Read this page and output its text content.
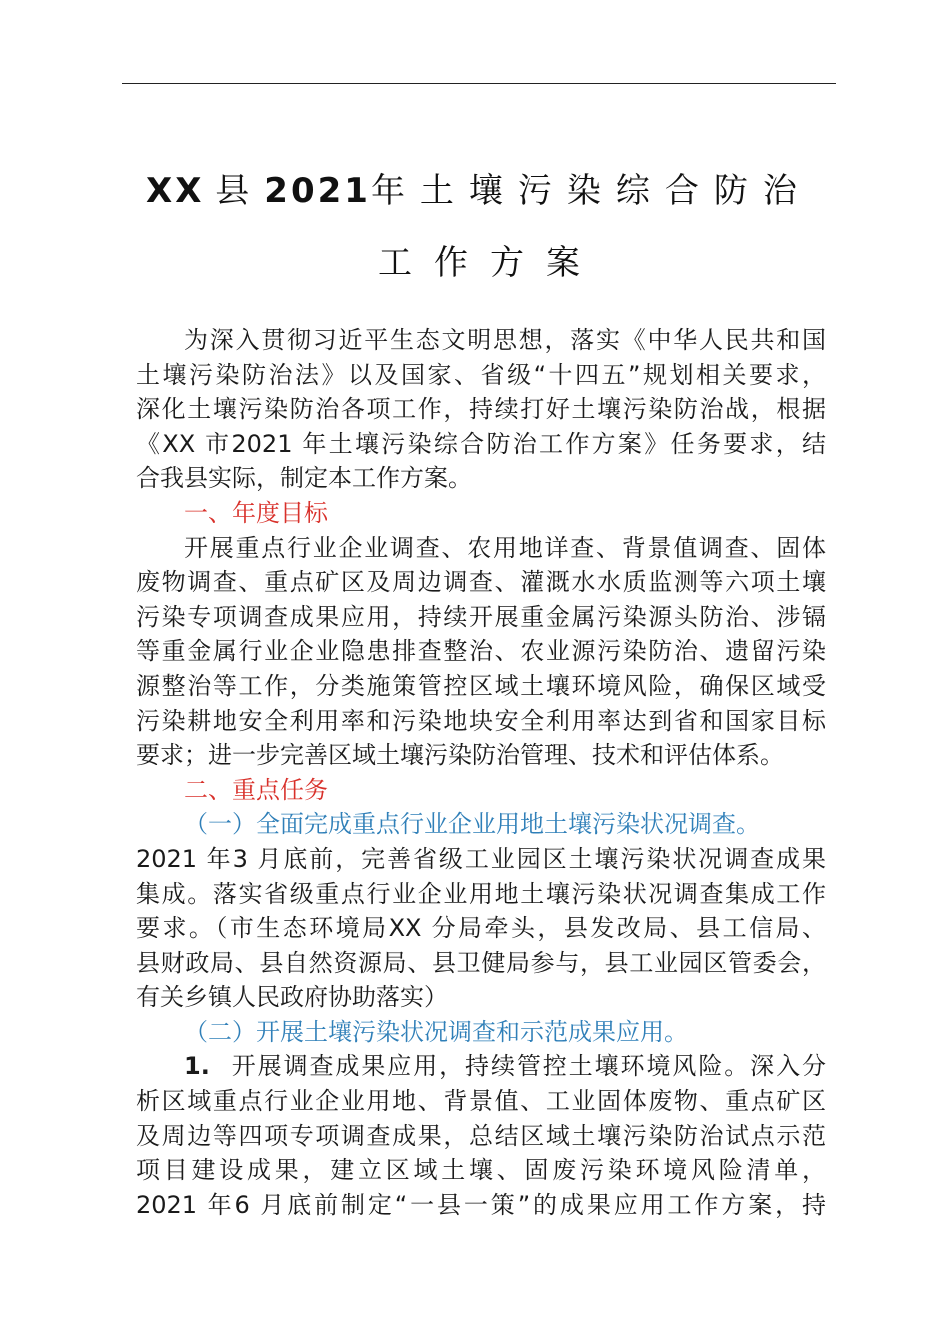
XX 县2021年土壤污染综合防治
工作方案
为深入贯彻习近平生态文明思想，落实《中华人民共和国
土壤污染防治法》以及国家、省级“十四五”规划相关要求，
深化土壤污染防治各项工作，持续打好土壤污染防治战，根据
《XX 市2021 年土壤污染综合防治工作方案》任务要求，结
合我县实际，制定本工作方案。
一、年度目标
开展重点行业企业调查、农用地详查、背景值调查、固体
废物调查、重点矿区及周边调查、灌溉水水质监测等六项土壤
污染专项调查成果应用，持续开展重金属污染源头防治、涉镉
等重金属行业企业隐患排查整治、农业源污染防治、遗留污染
源整治等工作，分类施策管控区域土壤环境风险，确保区域受
污染耕地安全利用率和污染地块安全利用率达到省和国家目标
要求；进一步完善区域土壤污染防治管理、技术和评估体系。
二、重点任务
（一）全面完成重点行业企业用地土壤污染状况调查。
2021 年3 月底前，完善省级工业园区土壤污染状况调查成果
集成。落实省级重点行业企业用地土壤污染状况调查集成工作
要求。（市生态环境局XX 分局牵头，县发改局、县工信局、
县财政局、县自然资源局、县卫健局参与，县工业园区管委会，
有关乡镇人民政府协助落实）
（二）开展土壤污染状况调查和示范成果应用。
1. 开展调查成果应用，持续管控土壤环境风险。深入分
析区域重点行业企业用地、背景值、工业固体废物、重点矿区
及周边等四项专项调查成果，总结区域土壤污染防治试点示范
项目建设成果，建立区域土壤、固废污染环境风险清单，
2021 年6 月底前制定“一县一策”的成果应用工作方案，持
